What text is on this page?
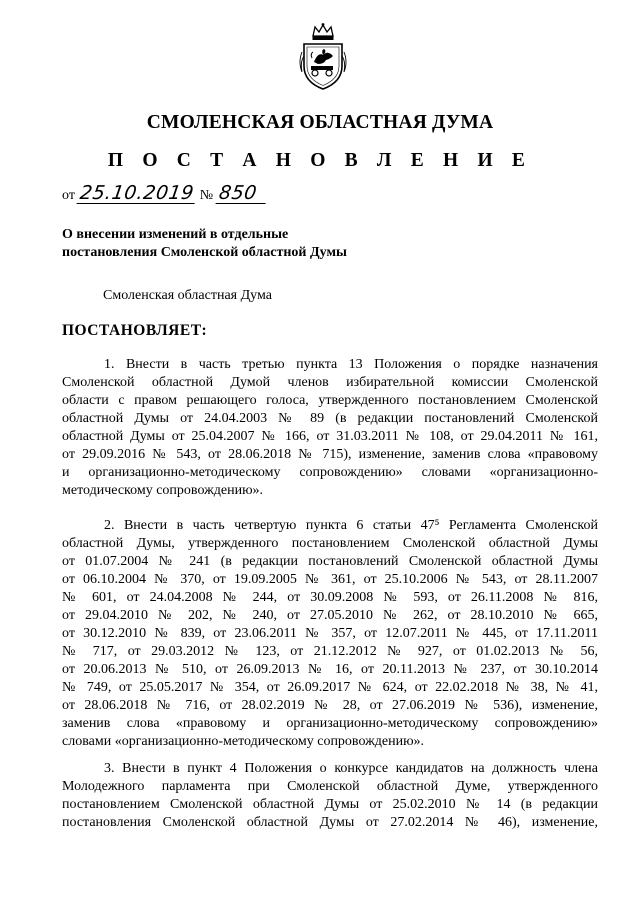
СМОЛЕНСКАЯ ОБЛАСТНАЯ ДУМА
П О С Т А Н О В Л Е Н И Е
от 25.10.2019 № 850
О внесении изменений в отдельные
постановления Смоленской областной Думы
Смоленская областная Дума
ПОСТАНОВЛЯЕТ:
1. Внести в часть третью пункта 13 Положения о порядке назначения
Смоленской областной Думой членов избирательной комиссии Смоленской
области с правом решающего голоса, утвержденного постановлением Смоленской
областной Думы от 24.04.2003 № 89 (в редакции постановлений Смоленской
областной Думы от 25.04.2007 № 166, от 31.03.2011 № 108, от 29.04.2011 № 161,
от 29.09.2016 № 543, от 28.06.2018 № 715), изменение, заменив слова «правовому
и организационно-методическому сопровождению» словами «организационно-
методическому сопровождению».
2. Внести в часть четвертую пункта 6 статьи 47⁵ Регламента Смоленской
областной Думы, утвержденного постановлением Смоленской областной Думы
от 01.07.2004 № 241 (в редакции постановлений Смоленской областной Думы
от 06.10.2004 № 370, от 19.09.2005 № 361, от 25.10.2006 № 543, от 28.11.2007
№ 601, от 24.04.2008 № 244, от 30.09.2008 № 593, от 26.11.2008 № 816,
от 29.04.2010 № 202, № 240, от 27.05.2010 № 262, от 28.10.2010 № 665,
от 30.12.2010 № 839, от 23.06.2011 № 357, от 12.07.2011 № 445, от 17.11.2011
№ 717, от 29.03.2012 № 123, от 21.12.2012 № 927, от 01.02.2013 № 56,
от 20.06.2013 № 510, от 26.09.2013 № 16, от 20.11.2013 № 237, от 30.10.2014
№ 749, от 25.05.2017 № 354, от 26.09.2017 № 624, от 22.02.2018 № 38, № 41,
от 28.06.2018 № 716, от 28.02.2019 № 28, от 27.06.2019 № 536), изменение,
заменив слова «правовому и организационно-методическому сопровождению»
словами «организационно-методическому сопровождению».
3. Внести в пункт 4 Положения о конкурсе кандидатов на должность члена
Молодежного парламента при Смоленской областной Думе, утвержденного
постановлением Смоленской областной Думы от 25.02.2010 № 14 (в редакции
постановления Смоленской областной Думы от 27.02.2014 № 46), изменение,
